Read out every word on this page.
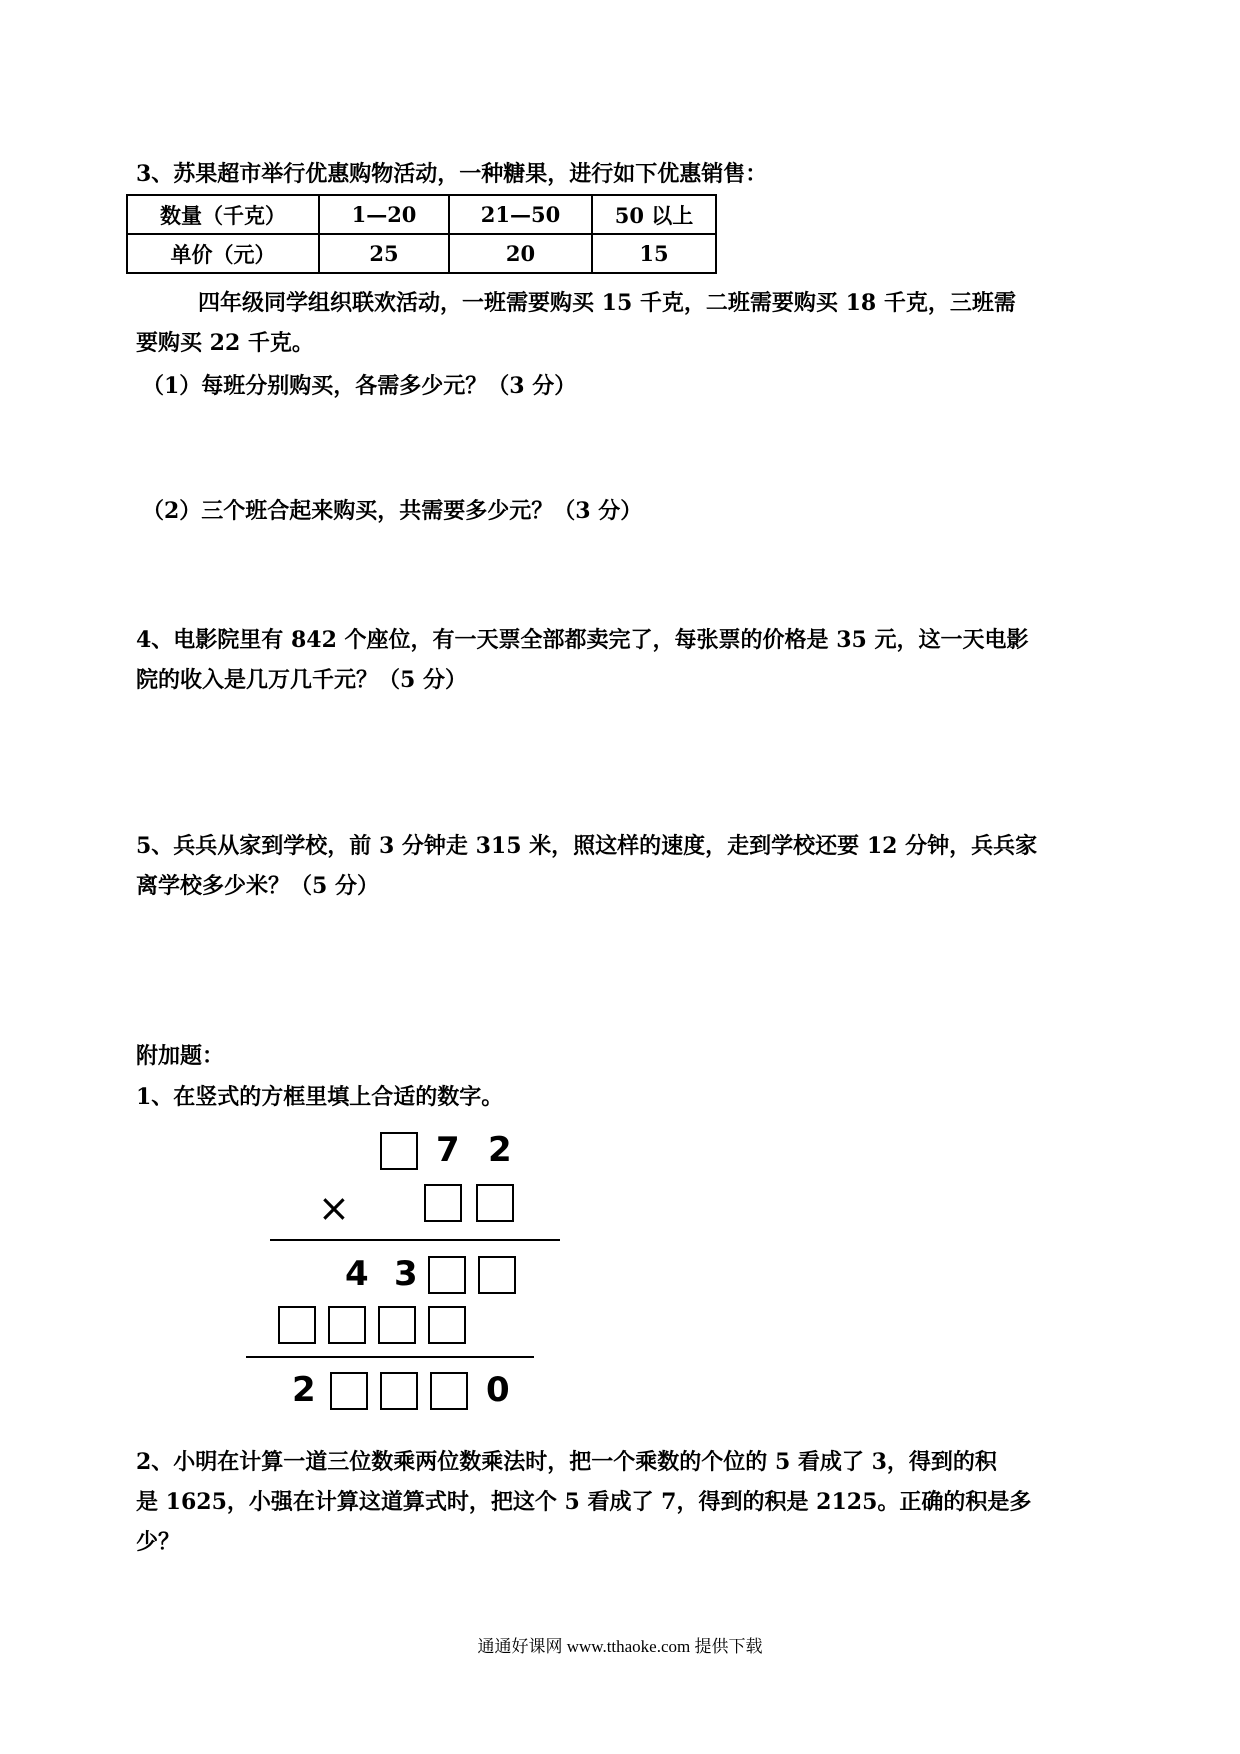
3、苏果超市举行优惠购物活动，一种糖果，进行如下优惠销售：
数量（千克）	1—20	21—50	50 以上
单价（元）	25	20	15
四年级同学组织联欢活动，一班需要购买 15 千克，二班需要购买 18 千克，三班需
要购买 22 千克。
（1）每班分别购买，各需多少元？（3 分）
（2）三个班合起来购买，共需要多少元？（3 分）
4、电影院里有 842 个座位，有一天票全部都卖完了，每张票的价格是 35 元，这一天电影
院的收入是几万几千元？（5 分）
5、兵兵从家到学校，前 3 分钟走 315 米，照这样的速度，走到学校还要 12 分钟，兵兵家
离学校多少米？（5 分）
附加题：
1、在竖式的方框里填上合适的数字。
7 2
×
4 3
2	0
2、小明在计算一道三位数乘两位数乘法时，把一个乘数的个位的 5 看成了 3，得到的积
是 1625，小强在计算这道算式时，把这个 5 看成了 7，得到的积是 2125。正确的积是多
少？
通通好课网 www.tthaoke.com 提供下载
